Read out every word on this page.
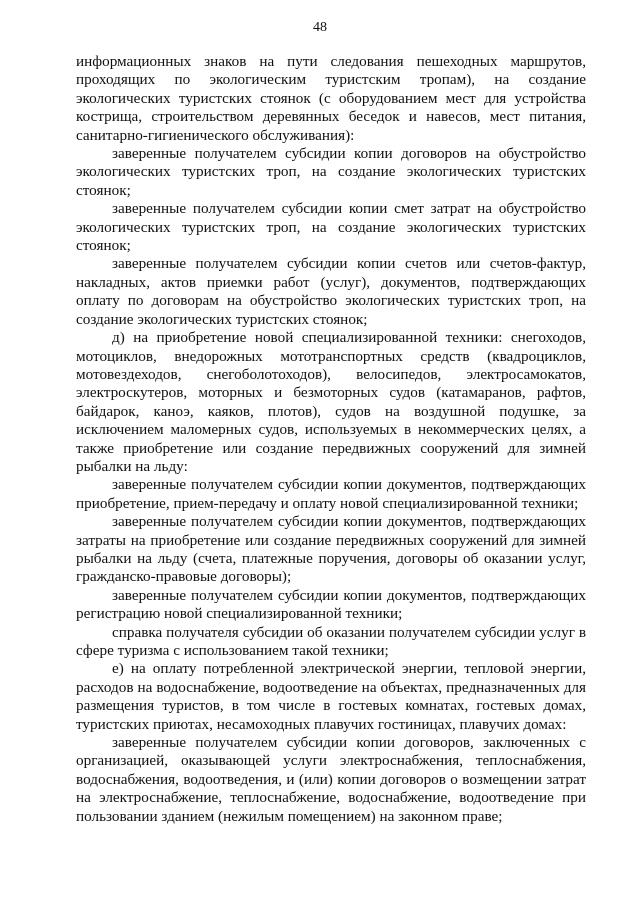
48

информационных знаков на пути следования пешеходных маршрутов, проходящих по экологическим туристским тропам), на создание экологических туристских стоянок (с оборудованием мест для устройства кострища, строительством деревянных беседок и навесов, мест питания, санитарно-гигиенического обслуживания):

заверенные получателем субсидии копии договоров на обустройство экологических туристских троп, на создание экологических туристских стоянок;

заверенные получателем субсидии копии смет затрат на обустройство экологических туристских троп, на создание экологических туристских стоянок;

заверенные получателем субсидии копии счетов или счетов-фактур, накладных, актов приемки работ (услуг), документов, подтверждающих оплату по договорам на обустройство экологических туристских троп, на создание экологических туристских стоянок;

д) на приобретение новой специализированной техники: снегоходов, мотоциклов, внедорожных мототранспортных средств (квадроциклов, мотовездеходов, снегоболотоходов), велосипедов, электросамокатов, электроскутеров, моторных и безмоторных судов (катамаранов, рафтов, байдарок, каноэ, каяков, плотов), судов на воздушной подушке, за исключением маломерных судов, используемых в некоммерческих целях, а также приобретение или создание передвижных сооружений для зимней рыбалки на льду:

заверенные получателем субсидии копии документов, подтверждающих приобретение, прием-передачу и оплату новой специализированной техники;

заверенные получателем субсидии копии документов, подтверждающих затраты на приобретение или создание передвижных сооружений для зимней рыбалки на льду (счета, платежные поручения, договоры об оказании услуг, гражданско-правовые договоры);

заверенные получателем субсидии копии документов, подтверждающих регистрацию новой специализированной техники;

справка получателя субсидии об оказании получателем субсидии услуг в сфере туризма с использованием такой техники;

е) на оплату потребленной электрической энергии, тепловой энергии, расходов на водоснабжение, водоотведение на объектах, предназначенных для размещения туристов, в том числе в гостевых комнатах, гостевых домах, туристских приютах, несамоходных плавучих гостиницах, плавучих домах:

заверенные получателем субсидии копии договоров, заключенных с организацией, оказывающей услуги электроснабжения, теплоснабжения, водоснабжения, водоотведения, и (или) копии договоров о возмещении затрат на электроснабжение, теплоснабжение, водоснабжение, водоотведение при пользовании зданием (нежилым помещением) на законном праве;
